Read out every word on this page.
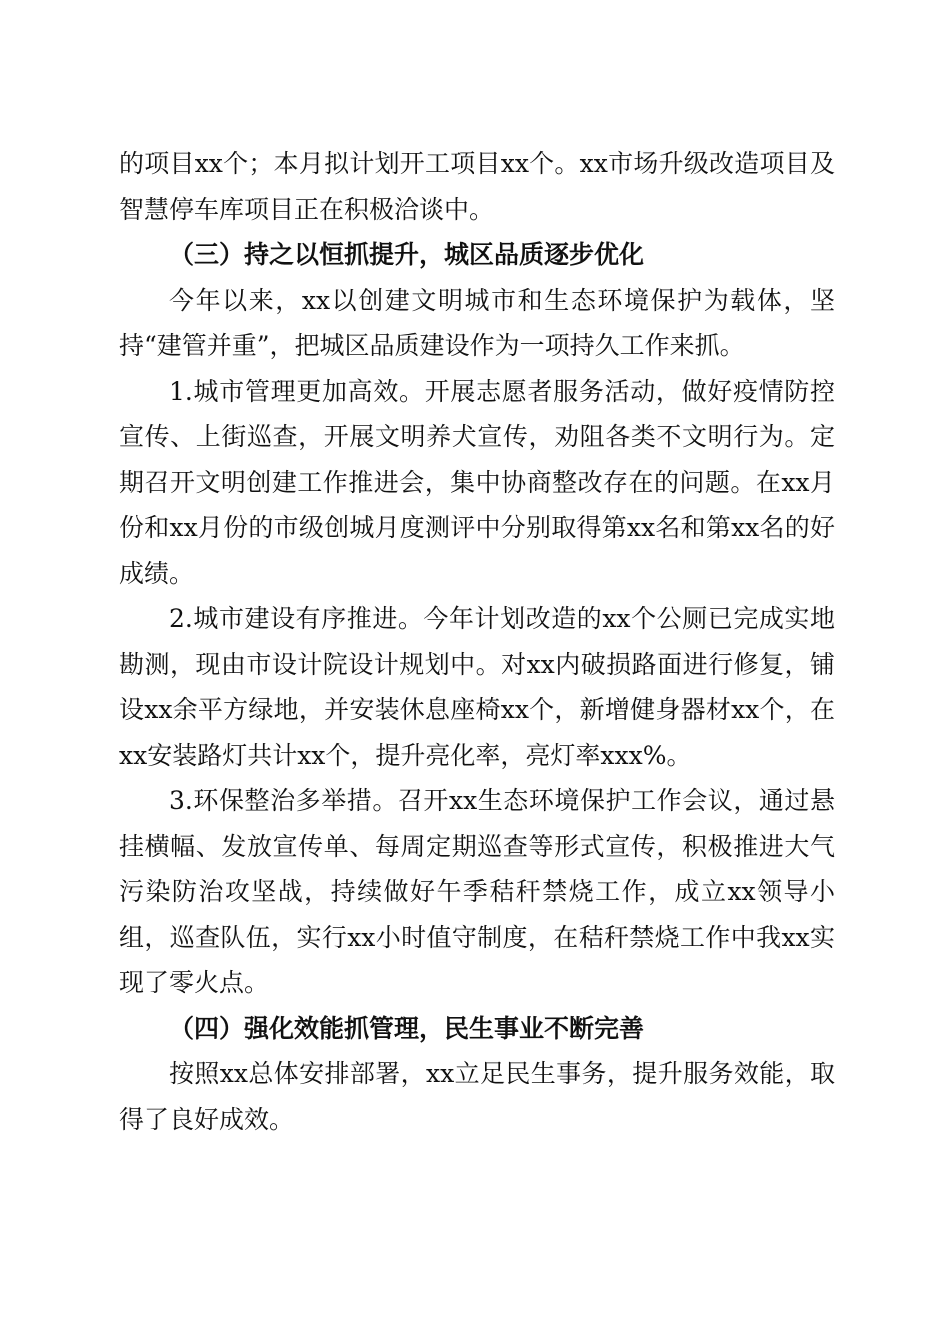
的项目xx个；本月拟计划开工项目xx个。xx市场升级改造项目及智慧停车库项目正在积极洽谈中。

（三）持之以恒抓提升，城区品质逐步优化

今年以来，xx以创建文明城市和生态环境保护为载体，坚持“建管并重”，把城区品质建设作为一项持久工作来抓。

1.城市管理更加高效。开展志愿者服务活动，做好疫情防控宣传、上街巡查，开展文明养犬宣传，劝阻各类不文明行为。定期召开文明创建工作推进会，集中协商整改存在的问题。在xx月份和xx月份的市级创城月度测评中分别取得第xx名和第xx名的好成绩。

2.城市建设有序推进。今年计划改造的xx个公厕已完成实地勘测，现由市设计院设计规划中。对xx内破损路面进行修复，铺设xx余平方绿地，并安装休息座椅xx个，新增健身器材xx个，在xx安装路灯共计xx个，提升亮化率，亮灯率xxx%。

3.环保整治多举措。召开xx生态环境保护工作会议，通过悬挂横幅、发放宣传单、每周定期巡查等形式宣传，积极推进大气污染防治攻坚战，持续做好午季秸秆禁烧工作，成立xx领导小组，巡查队伍，实行xx小时值守制度，在秸秆禁烧工作中我xx实现了零火点。

（四）强化效能抓管理，民生事业不断完善

按照xx总体安排部署，xx立足民生事务，提升服务效能，取得了良好成效。
